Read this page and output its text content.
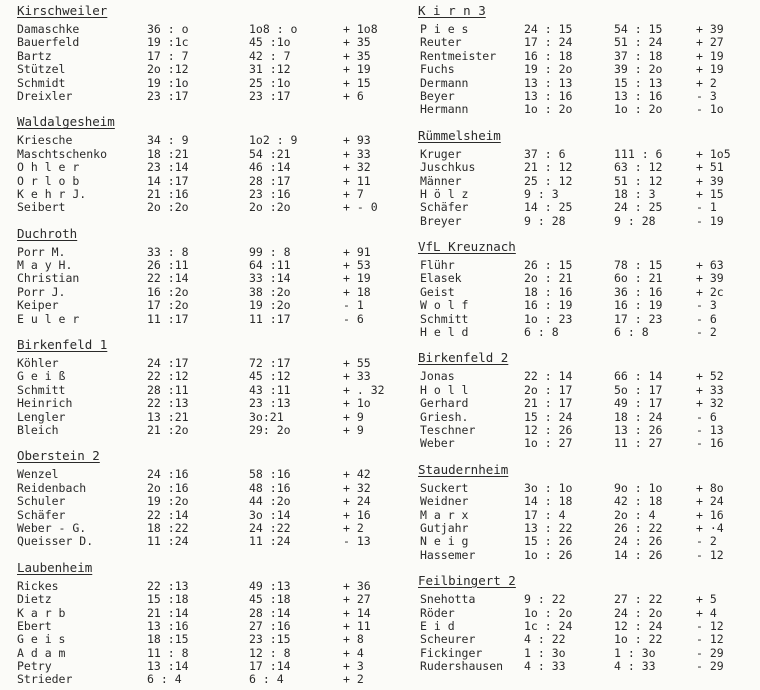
Kirschweiler
Damaschke	36 : o	1o8 : o	+ 1o8
Bauerfeld	19 :1c	45 :1o	+ 35
Bartz	17 : 7	42 : 7	+ 35
Stützel	2o :12	31 :12	+ 19
Schmidt	19 :1o	25 :1o	+ 15
Dreixler	23 :17	23 :17	+ 6
Waldalgesheim
Kriesche	34 : 9	1o2 : 9	+ 93
Maschtschenko	18 :21	54 :21	+ 33
O h l e r	23 :14	46 :14	+ 32
O r l o b	14 :17	28 :17	+ 11
K e h r J.	21 :16	23 :16	+ 7
Seibert	2o :2o	2o :2o	+ - 0
Duchroth
Porr M.	33 : 8	99 : 8	+ 91
M a y H.	26 :11	64 :11	+ 53
Christian	22 :14	33 :14	+ 19
Porr J.	16 :2o	38 :2o	+ 18
Keiper	17 :2o	19 :2o	- 1
E u l e r	11 :17	11 :17	- 6
Birkenfeld 1
Köhler	24 :17	72 :17	+ 55
G e i ß	22 :12	45 :12	+ 33
Schmitt	28 :11	43 :11	+ . 32
Heinrich	22 :13	23 :13	+ 1o
Lengler	13 :21	3o:21	+ 9
Bleich	21 :2o	29: 2o	+ 9
Oberstein 2
Wenzel	24 :16	58 :16	+ 42
Reidenbach	2o :16	48 :16	+ 32
Schuler	19 :2o	44 :2o	+ 24
Schäfer	22 :14	3o :14	+ 16
Weber - G.	18 :22	24 :22	+ 2
Queisser D.	11 :24	11 :24	- 13
Laubenheim
Rickes	22 :13	49 :13	+ 36
Dietz	15 :18	45 :18	+ 27
K a r b	21 :14	28 :14	+ 14
Ebert	13 :16	27 :16	+ 11
G e i s	18 :15	23 :15	+ 8
A d a m	11 : 8	12 : 8	+ 4
Petry	13 :14	17 :14	+ 3
Strieder	6 : 4	6 : 4	+ 2
K i r n 3
P i e s	24 : 15	54 : 15	+ 39
Reuter	17 : 24	51 : 24	+ 27
Rentmeister 16 : 18	37 : 18	+ 19
Fuchs	19 : 2o	39 : 2o	+ 19
Dermann	13 : 13	15 : 13	+ 2
Beyer	13 : 16	13 : 16	- 3
Hermann	1o : 2o	1o : 2o	- 1o
Rümmelsheim
Kruger	37 : 6	111 : 6	+ 1o5
Juschkus	21 : 12	63 : 12	+ 51
Männer	25 : 12	51 : 12	+ 39
H ö l z	9 : 3	18 : 3	+ 15
Schäfer	14 : 25	24 : 25	- 1
Breyer	9 : 28	9 : 28	- 19
VfL Kreuznach
Flühr	26 : 15	78 : 15	+ 63
Elasek	2o : 21	6o : 21	+ 39
Geist	18 : 16	36 : 16	+ 2c
W o l f	16 : 19	16 : 19	- 3
Schmitt	1o : 23	17 : 23	- 6
H e l d	6 : 8	6 : 8	- 2
Birkenfeld 2
Jonas	22 : 14	66 : 14	+ 52
H o l l	2o : 17	5o : 17	+ 33
Gerhard	21 : 17	49 : 17	+ 32
Griesh.	15 : 24	18 : 24	- 6
Teschner	12 : 26	13 : 26	- 13
Weber	1o : 27	11 : 27	- 16
Staudernheim
Suckert	3o : 1o	9o : 1o	+ 8o
Weidner	14 : 18	42 : 18	+ 24
M a r x	17 : 4	2o : 4	+ 16
Gutjahr	13 : 22	26 : 22	+ ·4
N e i g	15 : 26	24 : 26	- 2
Hassemer	1o : 26	14 : 26	- 12
Feilbingert 2
Snehotta	9 : 22	27 : 22	+ 5
Röder	1o : 2o	24 : 2o	+ 4
E i d	1c : 24	12 : 24	- 12
Scheurer	4 : 22	1o : 22	- 12
Fickinger	1 : 3o	1 : 3o	- 29
Rudershausen 4 : 33	4 : 33	- 29
